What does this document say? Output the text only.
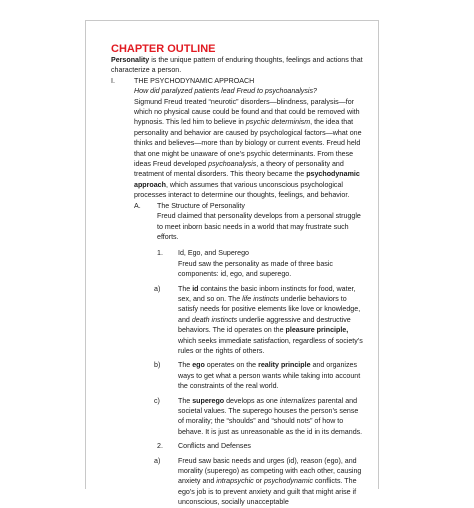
CHAPTER OUTLINE

Personality is the unique pattern of enduring thoughts, feelings and actions that characterize a person.

I.	THE PSYCHODYNAMIC APPROACH

How did paralyzed patients lead Freud to psychoanalysis?

Sigmund Freud treated “neurotic” disorders—blindness, paralysis—for which no physical cause could be found and that could be removed with hypnosis. This led him to believe in psychic determinism, the idea that personality and behavior are caused by psychological factors—what one thinks and believes—more than by biology or current events. Freud held that one might be unaware of one’s psychic determinants. From these ideas Freud developed psychoanalysis, a theory of personality and treatment of mental disorders. This theory became the psychodynamic approach, which assumes that various unconscious psychological processes interact to determine our thoughts, feelings, and behavior.

A. The Structure of Personality

Freud claimed that personality develops from a personal struggle to meet inborn basic needs in a world that may frustrate such efforts.

1. Id, Ego, and Superego

Freud saw the personality as made of three basic components: id, ego, and superego.

a) The id contains the basic inborn instincts for food, water, sex, and so on. The life instincts underlie behaviors to satisfy needs for positive elements like love or knowledge, and death instincts underlie aggressive and destructive behaviors. The id operates on the pleasure principle, which seeks immediate satisfaction, regardless of society’s rules or the rights of others.

b) The ego operates on the reality principle and organizes ways to get what a person wants while taking into account the constraints of the real world.

c)	The superego develops as one internalizes parental and societal values. The superego houses the person’s sense of morality; the “shoulds” and “should nots” of how to behave. It is just as unreasonable as the id in its demands.

2. Conflicts and Defenses
a) Freud saw basic needs and urges (id), reason (ego), and morality (superego) as competing with each other, causing anxiety and intrapsychic or psychodynamic conflicts. The ego’s job is to prevent anxiety and guilt that might arise if unconscious, socially unacceptable
